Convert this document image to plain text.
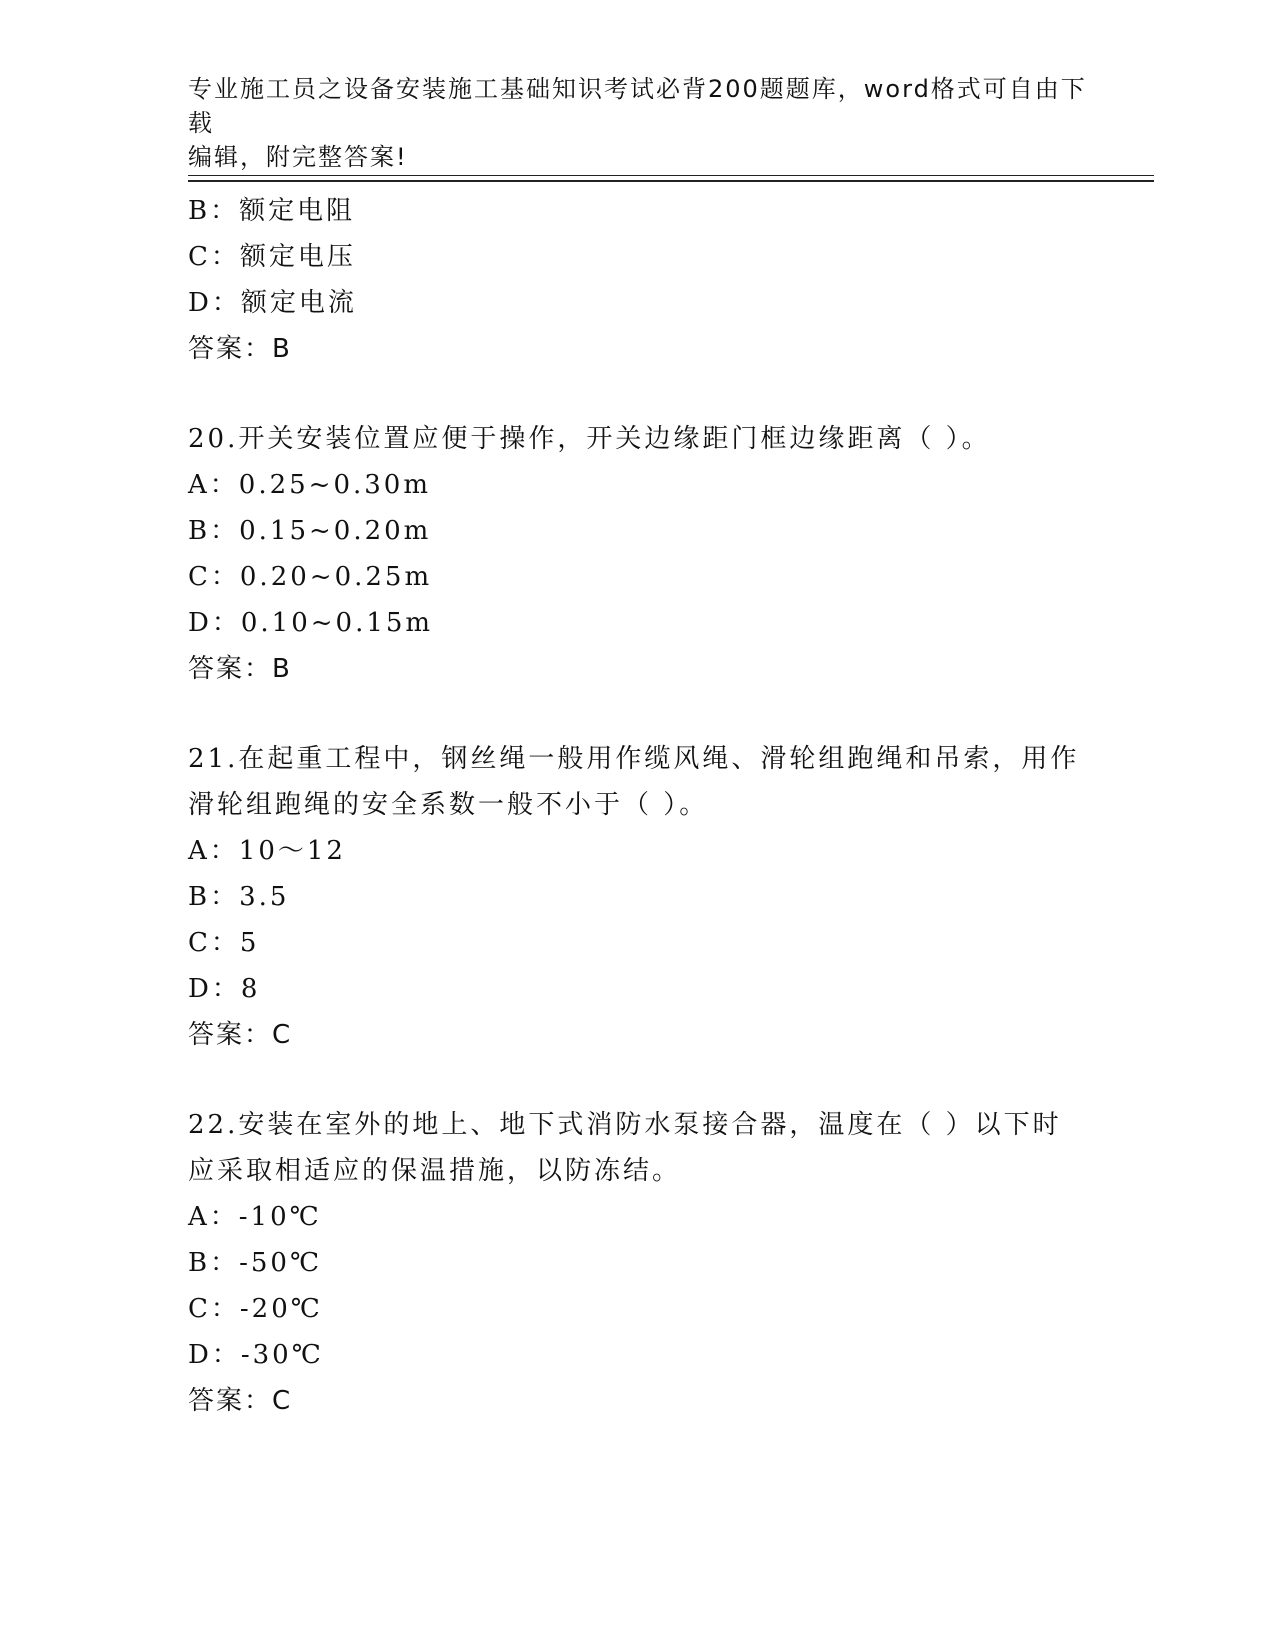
专业施工员之设备安装施工基础知识考试必背200题题库，word格式可自由下载
编辑，附完整答案!
B：额定电阻
C：额定电压
D：额定电流
答案：B
20.开关安装位置应便于操作，开关边缘距门框边缘距离（ ）。
A：0.25~0.30m
B：0.15~0.20m
C：0.20~0.25m
D：0.10~0.15m
答案：B
21.在起重工程中，钢丝绳一般用作缆风绳、滑轮组跑绳和吊索，用作
滑轮组跑绳的安全系数一般不小于（ ）。
A：10～12
B：3.5
C：5
D：8
答案：C
22.安装在室外的地上、地下式消防水泵接合器，温度在（ ）以下时
应采取相适应的保温措施，以防冻结。
A：-10℃
B：-50℃
C：-20℃
D：-30℃
答案：C
